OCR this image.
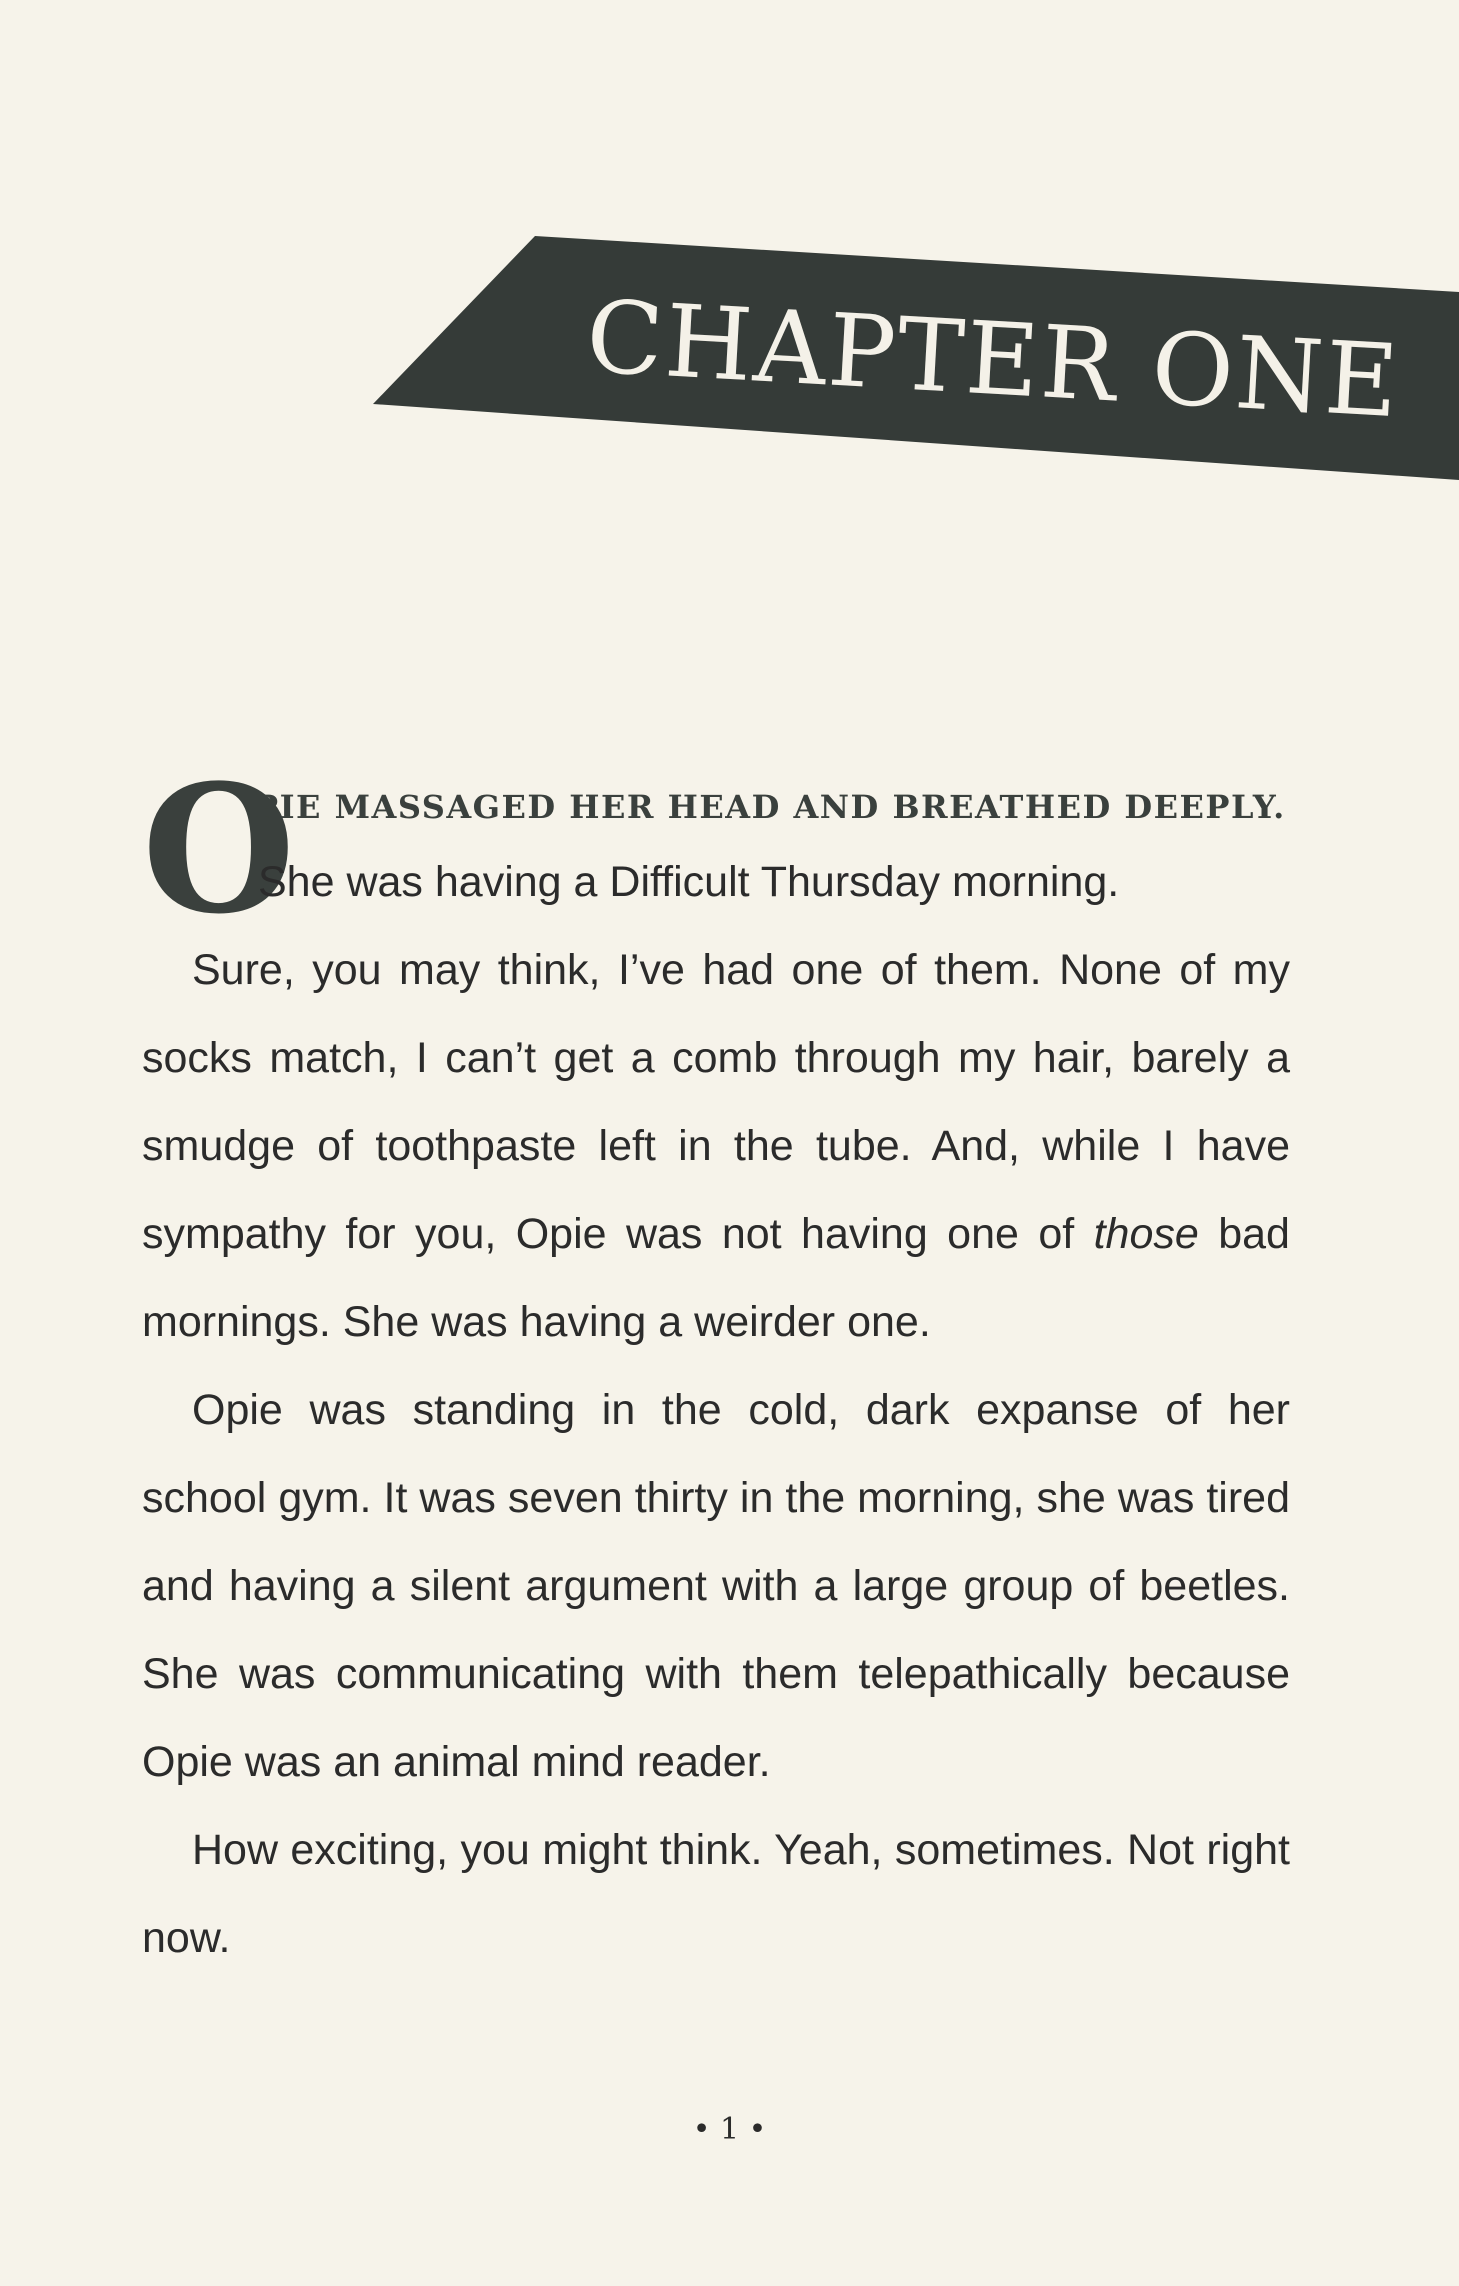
CHAPTER ONE
O
PIE MASSAGED HER HEAD AND BREATHED DEEPLY.
She was having a Difficult Thursday morning.

Sure, you may think, I’ve had one of them. None of my socks match, I can’t get a comb through my hair, barely a smudge of toothpaste left in the tube. And, while I have sympathy for you, Opie was not having one of those bad mornings. She was having a weirder one.

Opie was standing in the cold, dark expanse of her school gym. It was seven thirty in the morning, she was tired and having a silent argument with a large group of beetles. She was communicating with them telepathically because Opie was an animal mind reader.

How exciting, you might think. Yeah, sometimes. Not right now.

• 1 •
